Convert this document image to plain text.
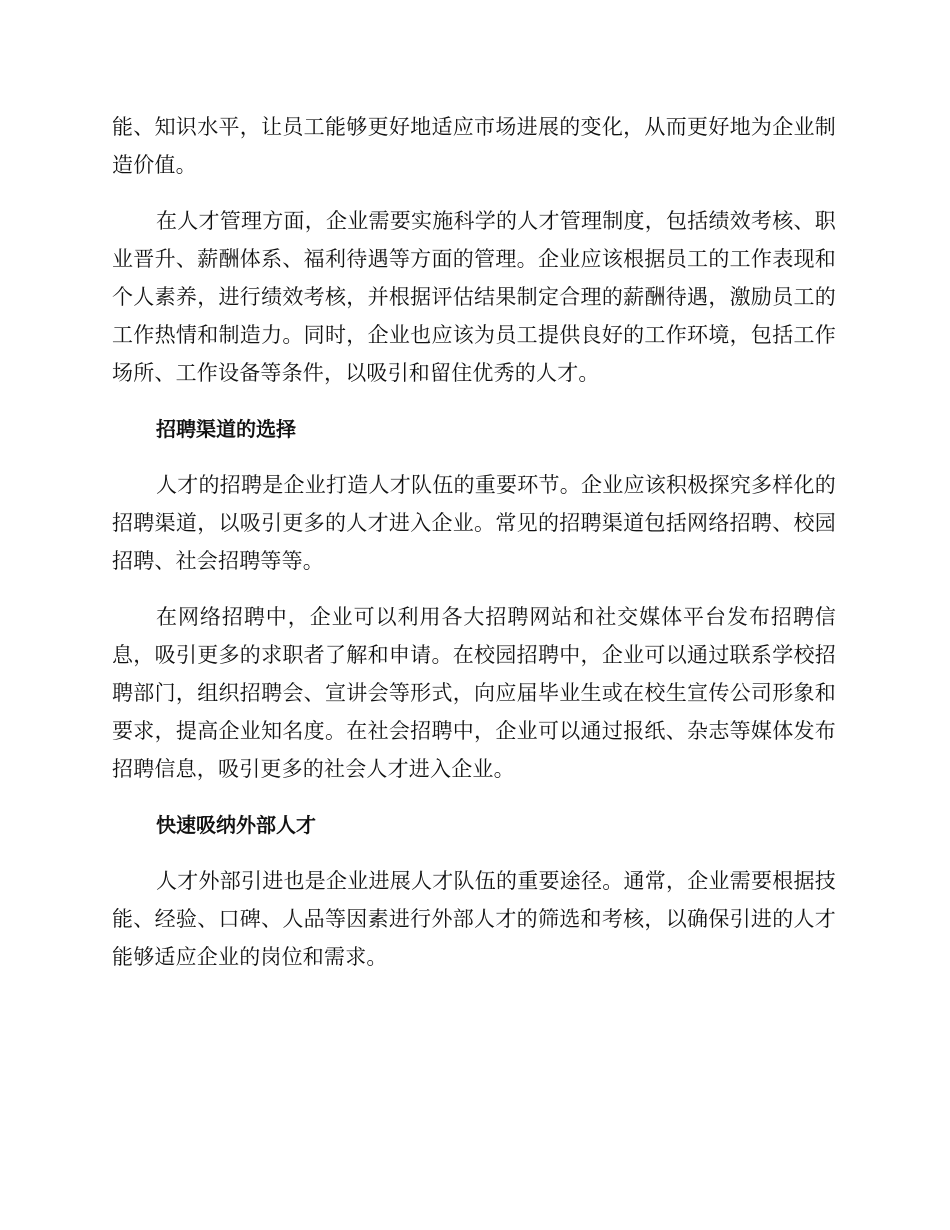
能、知识水平，让员工能够更好地适应市场进展的变化，从而更好地为企业制造价值。

在人才管理方面，企业需要实施科学的人才管理制度，包括绩效考核、职业晋升、薪酬体系、福利待遇等方面的管理。企业应该根据员工的工作表现和个人素养，进行绩效考核，并根据评估结果制定合理的薪酬待遇，激励员工的工作热情和制造力。同时，企业也应该为员工提供良好的工作环境，包括工作场所、工作设备等条件，以吸引和留住优秀的人才。

招聘渠道的选择

人才的招聘是企业打造人才队伍的重要环节。企业应该积极探究多样化的招聘渠道，以吸引更多的人才进入企业。常见的招聘渠道包括网络招聘、校园招聘、社会招聘等等。

在网络招聘中，企业可以利用各大招聘网站和社交媒体平台发布招聘信息，吸引更多的求职者了解和申请。在校园招聘中，企业可以通过联系学校招聘部门，组织招聘会、宣讲会等形式，向应届毕业生或在校生宣传公司形象和要求，提高企业知名度。在社会招聘中，企业可以通过报纸、杂志等媒体发布招聘信息，吸引更多的社会人才进入企业。

快速吸纳外部人才

人才外部引进也是企业进展人才队伍的重要途径。通常，企业需要根据技能、经验、口碑、人品等因素进行外部人才的筛选和考核，以确保引进的人才能够适应企业的岗位和需求。
